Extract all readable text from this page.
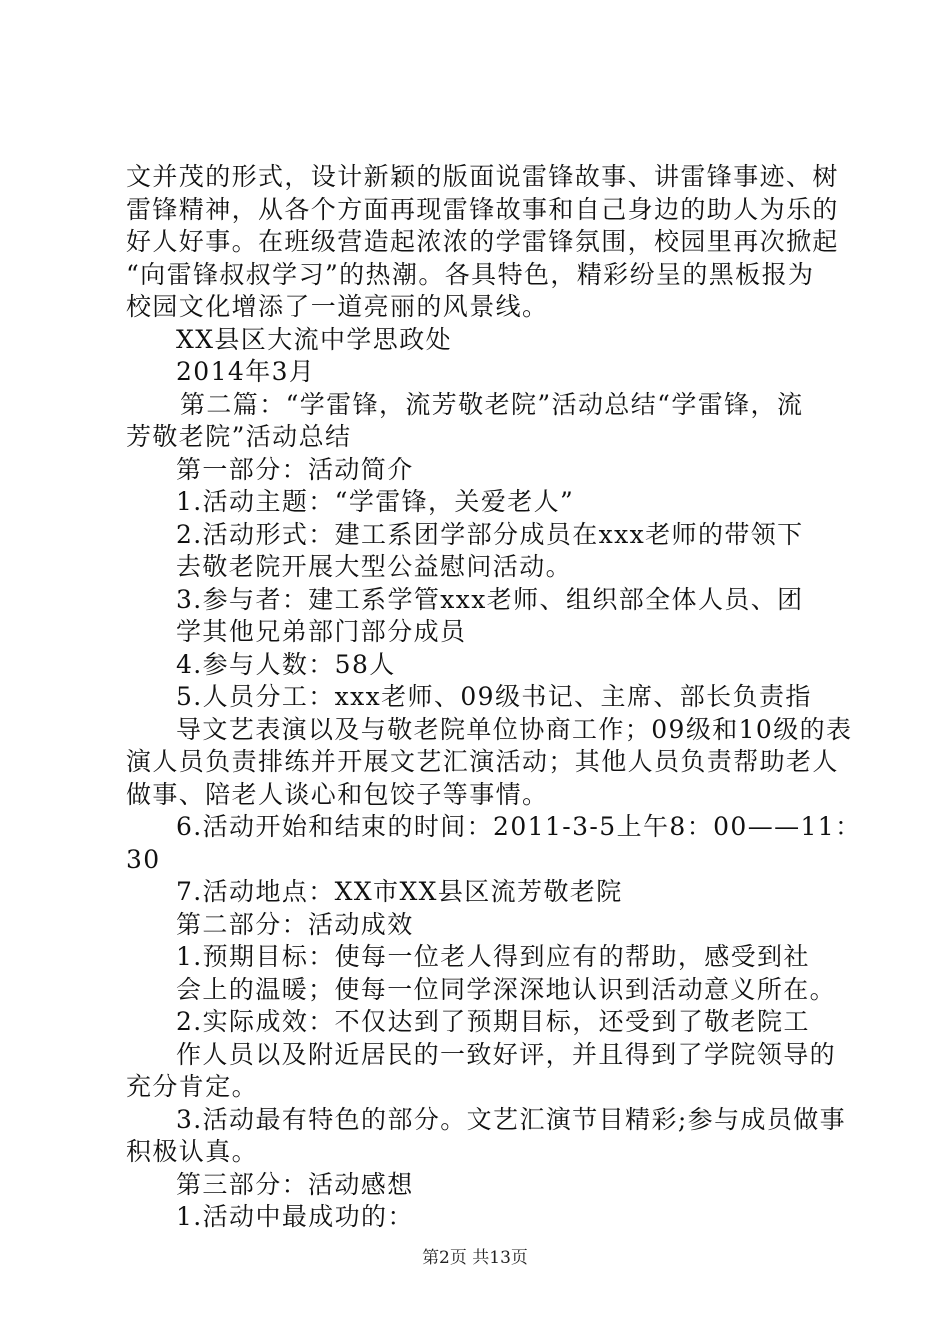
文并茂的形式，设计新颖的版面说雷锋故事、讲雷锋事迹、树
雷锋精神，从各个方面再现雷锋故事和自己身边的助人为乐的
好人好事。在班级营造起浓浓的学雷锋氛围，校园里再次掀起
“向雷锋叔叔学习”的热潮。各具特色，精彩纷呈的黑板报为
校园文化增添了一道亮丽的风景线。
XX县区大流中学思政处
2014年3月
第二篇：“学雷锋，流芳敬老院”活动总结“学雷锋，流
芳敬老院”活动总结
第一部分：活动简介
1.活动主题：“学雷锋，关爱老人”
2.活动形式：建工系团学部分成员在xxx老师的带领下
去敬老院开展大型公益慰问活动。
3.参与者：建工系学管xxx老师、组织部全体人员、团
学其他兄弟部门部分成员
4.参与人数：58人
5.人员分工：xxx老师、09级书记、主席、部长负责指
导文艺表演以及与敬老院单位协商工作；09级和10级的表
演人员负责排练并开展文艺汇演活动；其他人员负责帮助老人
做事、陪老人谈心和包饺子等事情。
6.活动开始和结束的时间：2011-3-5上午8：00——11：
30
7.活动地点：XX市XX县区流芳敬老院
第二部分：活动成效
1.预期目标：使每一位老人得到应有的帮助，感受到社
会上的温暖；使每一位同学深深地认识到活动意义所在。
2.实际成效：不仅达到了预期目标，还受到了敬老院工
作人员以及附近居民的一致好评，并且得到了学院领导的
充分肯定。
3.活动最有特色的部分。文艺汇演节目精彩;参与成员做事
积极认真。
第三部分：活动感想
1.活动中最成功的：
第2页 共13页
